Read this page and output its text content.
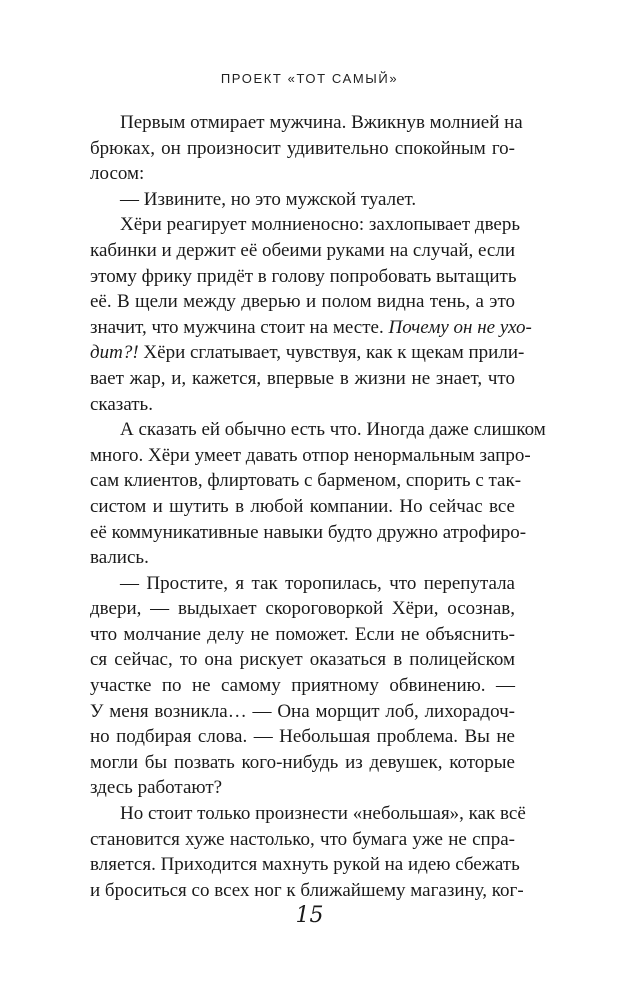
ПРОЕКТ «ТОТ САМЫЙ»
Первым отмирает мужчина. Вжикнув молнией на
брюках, он произносит удивительно спокойным го-
лосом:
— Извините, но это мужской туалет.
Хёри реагирует молниеносно: захлопывает дверь
кабинки и держит её обеими руками на случай, если
этому фрику придёт в голову попробовать вытащить
её. В щели между дверью и полом видна тень, а это
значит, что мужчина стоит на месте. Почему он не ухо-
дит?! Хёри сглатывает, чувствуя, как к щекам прили-
вает жар, и, кажется, впервые в жизни не знает, что
сказать.
А сказать ей обычно есть что. Иногда даже слишком
много. Хёри умеет давать отпор ненормальным запро-
сам клиентов, флиртовать с барменом, спорить с так-
систом и шутить в любой компании. Но сейчас все
её коммуникативные навыки будто дружно атрофиро-
вались.
— Простите, я так торопилась, что перепутала
двери, — выдыхает скороговоркой Хёри, осознав,
что молчание делу не поможет. Если не объяснить-
ся сейчас, то она рискует оказаться в полицейском
участке по не самому приятному обвинению. —
У меня возникла… — Она морщит лоб, лихорадоч-
но подбирая слова. — Небольшая проблема. Вы не
могли бы позвать кого-нибудь из девушек, которые
здесь работают?
Но стоит только произнести «небольшая», как всё
становится хуже настолько, что бумага уже не спра-
вляется. Приходится махнуть рукой на идею сбежать
и броситься со всех ног к ближайшему магазину, ког-
15
